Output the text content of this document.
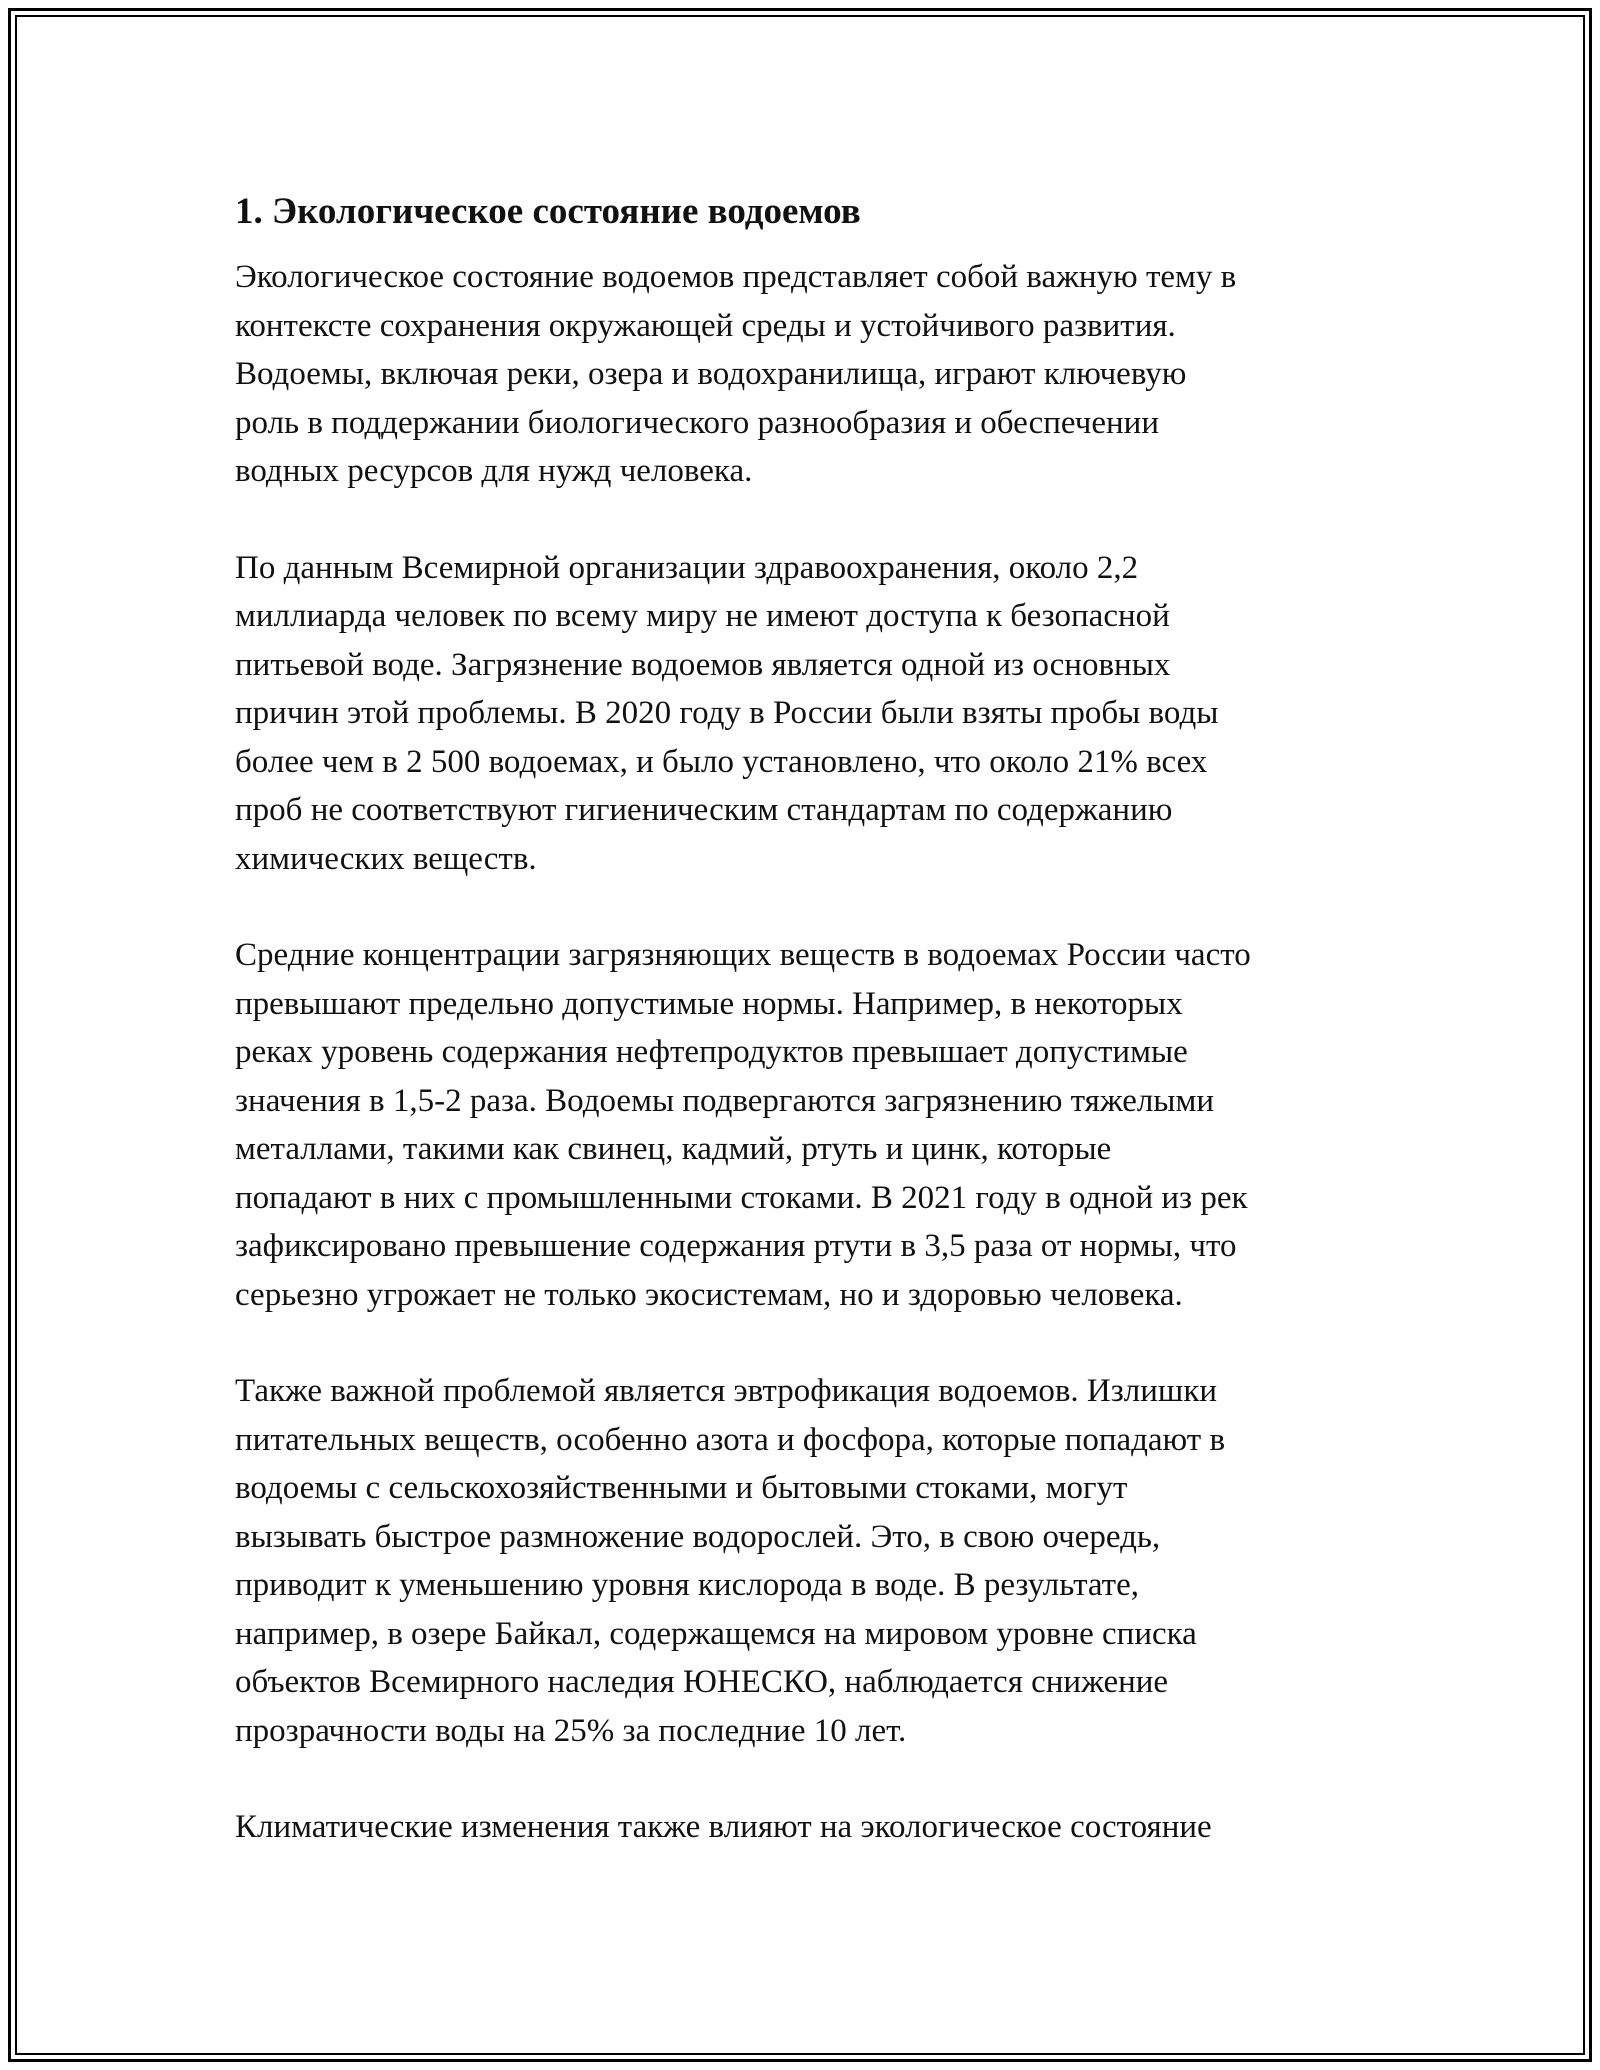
1. Экологическое состояние водоемов
Экологическое состояние водоемов представляет собой важную тему в
контексте сохранения окружающей среды и устойчивого развития.
Водоемы, включая реки, озера и водохранилища, играют ключевую
роль в поддержании биологического разнообразия и обеспечении
водных ресурсов для нужд человека.
По данным Всемирной организации здравоохранения, около 2,2
миллиарда человек по всему миру не имеют доступа к безопасной
питьевой воде. Загрязнение водоемов является одной из основных
причин этой проблемы. В 2020 году в России были взяты пробы воды
более чем в 2 500 водоемах, и было установлено, что около 21% всех
проб не соответствуют гигиеническим стандартам по содержанию
химических веществ.
Средние концентрации загрязняющих веществ в водоемах России часто
превышают предельно допустимые нормы. Например, в некоторых
реках уровень содержания нефтепродуктов превышает допустимые
значения в 1,5-2 раза. Водоемы подвергаются загрязнению тяжелыми
металлами, такими как свинец, кадмий, ртуть и цинк, которые
попадают в них с промышленными стоками. В 2021 году в одной из рек
зафиксировано превышение содержания ртути в 3,5 раза от нормы, что
серьезно угрожает не только экосистемам, но и здоровью человека.
Также важной проблемой является эвтрофикация водоемов. Излишки
питательных веществ, особенно азота и фосфора, которые попадают в
водоемы с сельскохозяйственными и бытовыми стоками, могут
вызывать быстрое размножение водорослей. Это, в свою очередь,
приводит к уменьшению уровня кислорода в воде. В результате,
например, в озере Байкал, содержащемся на мировом уровне списка
объектов Всемирного наследия ЮНЕСКО, наблюдается снижение
прозрачности воды на 25% за последние 10 лет.
Климатические изменения также влияют на экологическое состояние
